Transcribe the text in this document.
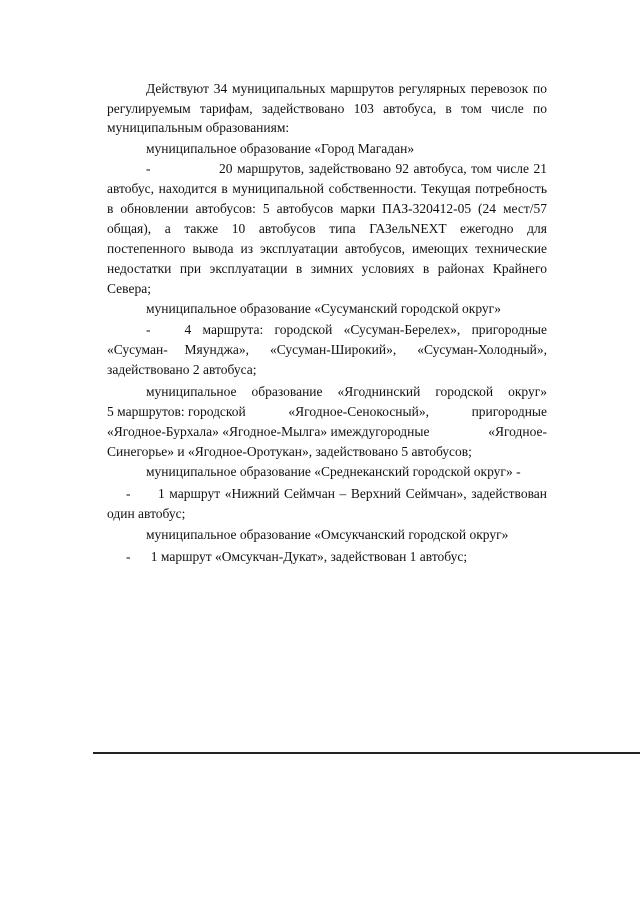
Действуют 34 муниципальных маршрутов регулярных перевозок по

регулируемым тарифам, задействовано 103 автобуса, в том числе по

муниципальным образованиям:

муниципальное образование «Город Магадан»

-	20 маршрутов, задействовано 92 автобуса, том числе 21

автобус, находится в муниципальной собственности. Текущая потребность

в обновлении автобусов: 5 автобусов марки ПАЗ-320412-05 (24 мест/57

общая), а также 10 автобусов типа ГАЗельNEXT ежегодно для

постепенного вывода из эксплуатации автобусов, имеющих технические

недостатки при эксплуатации в зимних условиях в районах Крайнего

Севера;

муниципальное образование «Сусуманский городской округ»

-      4  маршрута:  городской  «Сусуман-Берелех»,  пригородные

«Сусуман-    Мяунджа»,     «Сусуман-Широкий»,     «Сусуман-Холодный»,

задействовано 2 автобуса;

муниципальное образование «Ягоднинский городской округ»

5 маршрутов: городской	«Ягодное-Сенокосный»,	пригородные
«Ягодное-Бурхала» «Ягодное-Мылга» имеждугородные	«Ягодное-

Синегорье» и «Ягодное-Оротукан», задействовано 5 автобусов;

муниципальное образование «Среднеканский городской округ» -

-      1 маршрут «Нижний Сеймчан – Верхний Сеймчан», задействован

один автобус;

муниципальное образование «Омсукчанский городской округ»

-      1 маршрут «Омсукчан-Дукат», задействован 1 автобус;
